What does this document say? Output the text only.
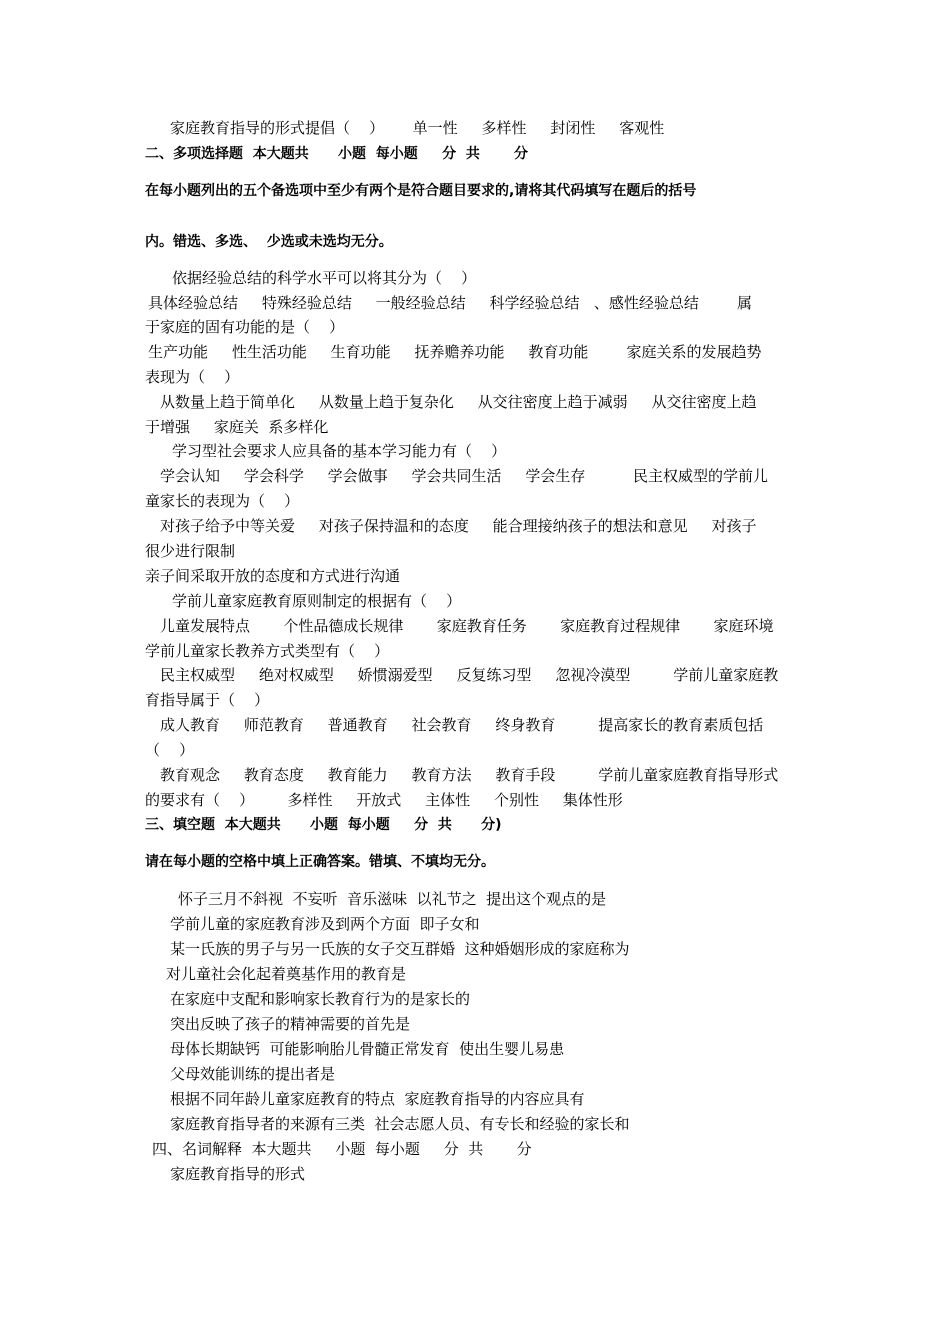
家庭教育指导的形式提倡（    ）      单一性     多样性     封闭性     客观性
二、多项选择题  本大题共      小题  每小题     分  共       分
在每小题列出的五个备选项中至少有两个是符合题目要求的,请将其代码填写在题后的括号
内。错选、多选、  少选或未选均无分。
依据经验总结的科学水平可以将其分为（    ）
具体经验总结     特殊经验总结     一般经验总结     科学经验总结   、感性经验总结        属
于家庭的固有功能的是（    ）
生产功能     性生活功能     生育功能     抚养赡养功能     教育功能        家庭关系的发展趋势
表现为（    ）
从数量上趋于简单化     从数量上趋于复杂化     从交往密度上趋于减弱     从交往密度上趋
于增强     家庭关  系多样化
学习型社会要求人应具备的基本学习能力有（    ）
学会认知     学会科学     学会做事     学会共同生活     学会生存          民主权威型的学前儿
童家长的表现为（    ）
对孩子给予中等关爱     对孩子保持温和的态度     能合理接纳孩子的想法和意见     对孩子
很少进行限制
亲子间采取开放的态度和方式进行沟通
学前儿童家庭教育原则制定的根据有（    ）
儿童发展特点       个性品德成长规律       家庭教育任务       家庭教育过程规律       家庭环境
学前儿童家长教养方式类型有（    ）
民主权威型     绝对权威型     娇惯溺爱型     反复练习型     忽视冷漠型         学前儿童家庭教
育指导属于（    ）
成人教育     师范教育     普通教育     社会教育     终身教育         提高家长的教育素质包括
（    ）
教育观念     教育态度     教育能力     教育方法     教育手段         学前儿童家庭教育指导形式
的要求有（    ）       多样性     开放式     主体性     个别性     集体性形
三、填空题  本大题共      小题  每小题     分  共      分)
请在每小题的空格中填上正确答案。错填、不填均无分。
怀子三月不斜视  不妄听  音乐滋味  以礼节之  提出这个观点的是
学前儿童的家庭教育涉及到两个方面  即子女和
某一氏族的男子与另一氏族的女子交互群婚  这种婚姻形成的家庭称为
对儿童社会化起着奠基作用的教育是
在家庭中支配和影响家长教育行为的是家长的
突出反映了孩子的精神需要的首先是
母体长期缺钙  可能影响胎儿骨髓正常发育  使出生婴儿易患
父母效能训练的提出者是
根据不同年龄儿童家庭教育的特点  家庭教育指导的内容应具有
家庭教育指导者的来源有三类  社会志愿人员、有专长和经验的家长和
四、名词解释  本大题共     小题  每小题     分  共       分
家庭教育指导的形式
